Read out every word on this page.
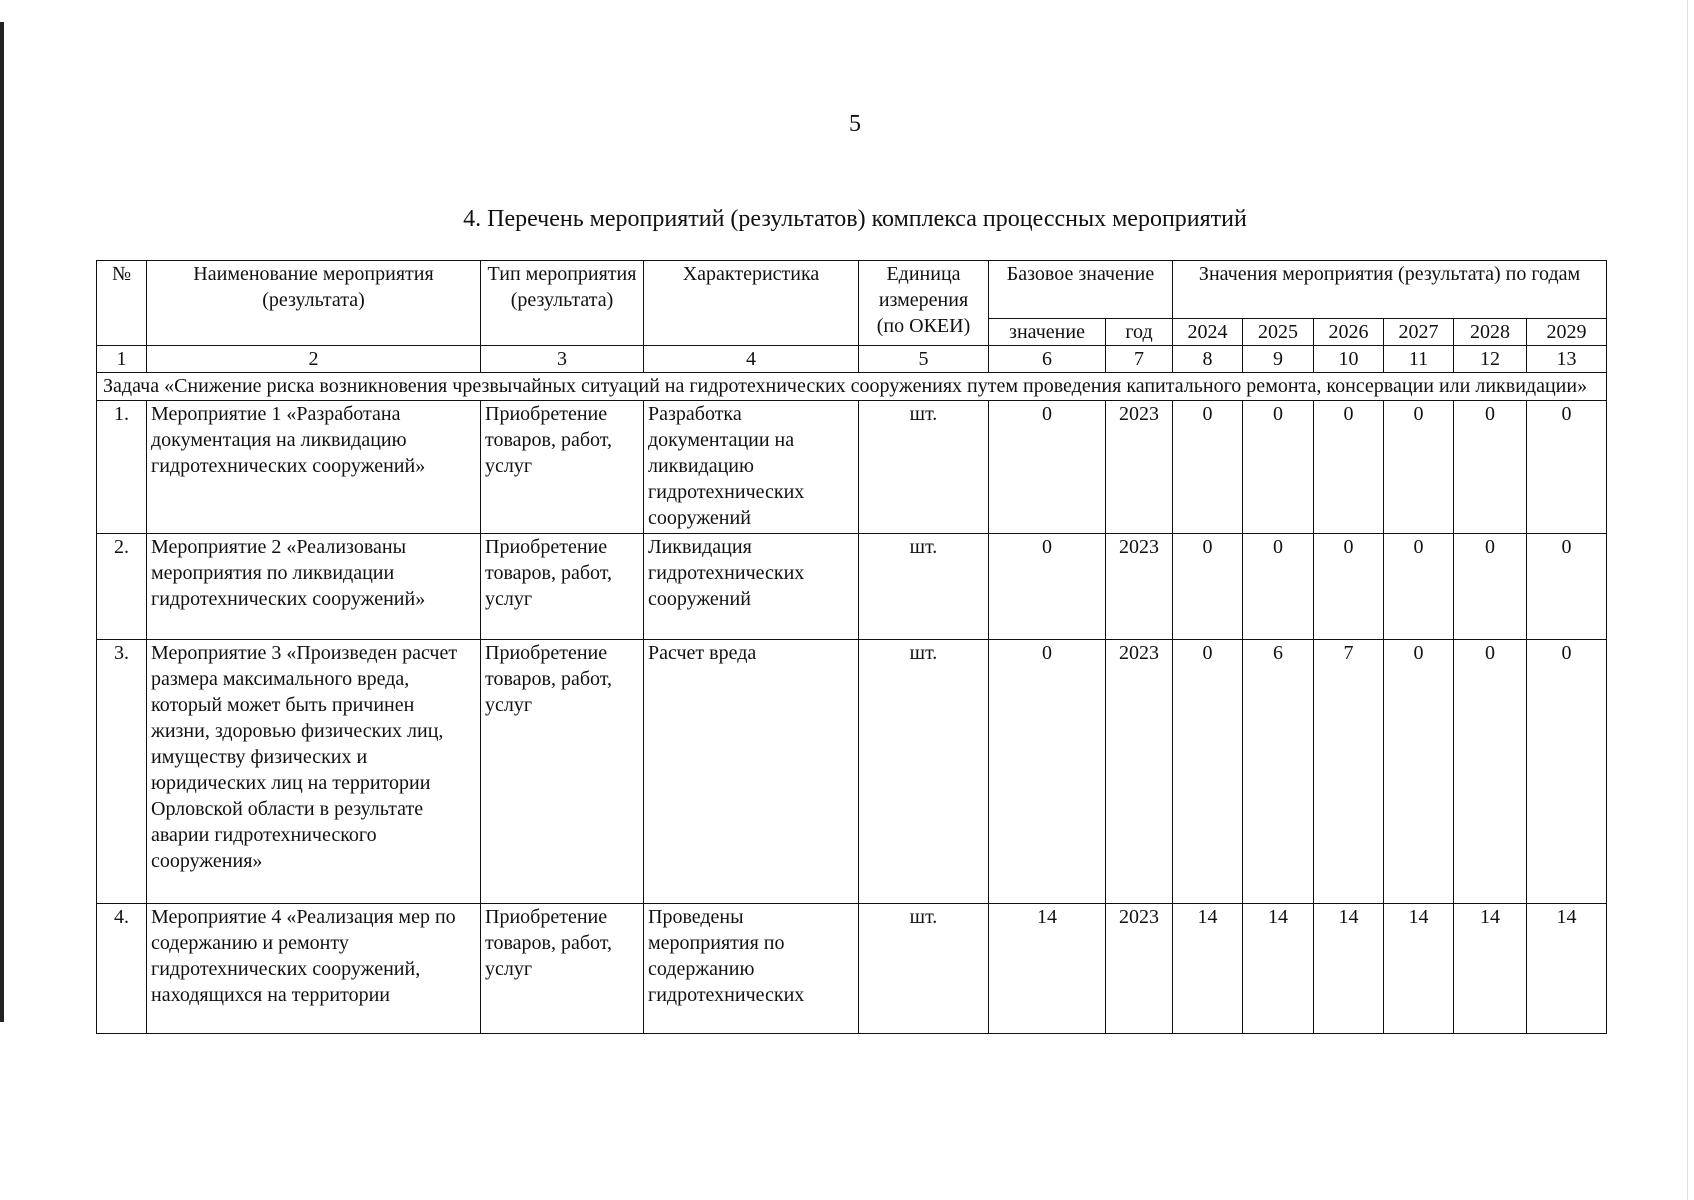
5
4. Перечень мероприятий (результатов) комплекса процессных мероприятий
№	Наименование мероприятия (результата)	Тип мероприятия (результата)	Характеристика	Единица измерения (по ОКЕИ)	Базовое значение		Значения мероприятия (результата) по годам					
					значение	год	2024	2025	2026	2027	2028	2029
1	2	3	4	5	6	7	8	9	10	11	12	13
Задача «Снижение риска возникновения чрезвычайных ситуаций на гидротехнических сооружениях путем проведения капитального ремонта, консервации или ликвидации»												
1.	Мероприятие 1 «Разработана документация на ликвидацию гидротехнических сооружений»	Приобретение товаров, работ, услуг	Разработка документации на ликвидацию гидротехнических сооружений	шт.	0	2023	0	0	0	0	0	0
2.	Мероприятие 2 «Реализованы мероприятия по ликвидации гидротехнических сооружений»	Приобретение товаров, работ, услуг	Ликвидация гидротехнических сооружений	шт.	0	2023	0	0	0	0	0	0
3.	Мероприятие 3 «Произведен расчет размера максимального вреда, который может быть причинен жизни, здоровью физических лиц, имуществу физических и юридических лиц на территории Орловской области в результате аварии гидротехнического сооружения»	Приобретение товаров, работ, услуг	Расчет вреда	шт.	0	2023	0	6	7	0	0	0
4.	Мероприятие 4 «Реализация мер по содержанию и ремонту гидротехнических сооружений, находящихся на территории	Приобретение товаров, работ, услуг	Проведены мероприятия по содержанию гидротехнических	шт.	14	2023	14	14	14	14	14	14
